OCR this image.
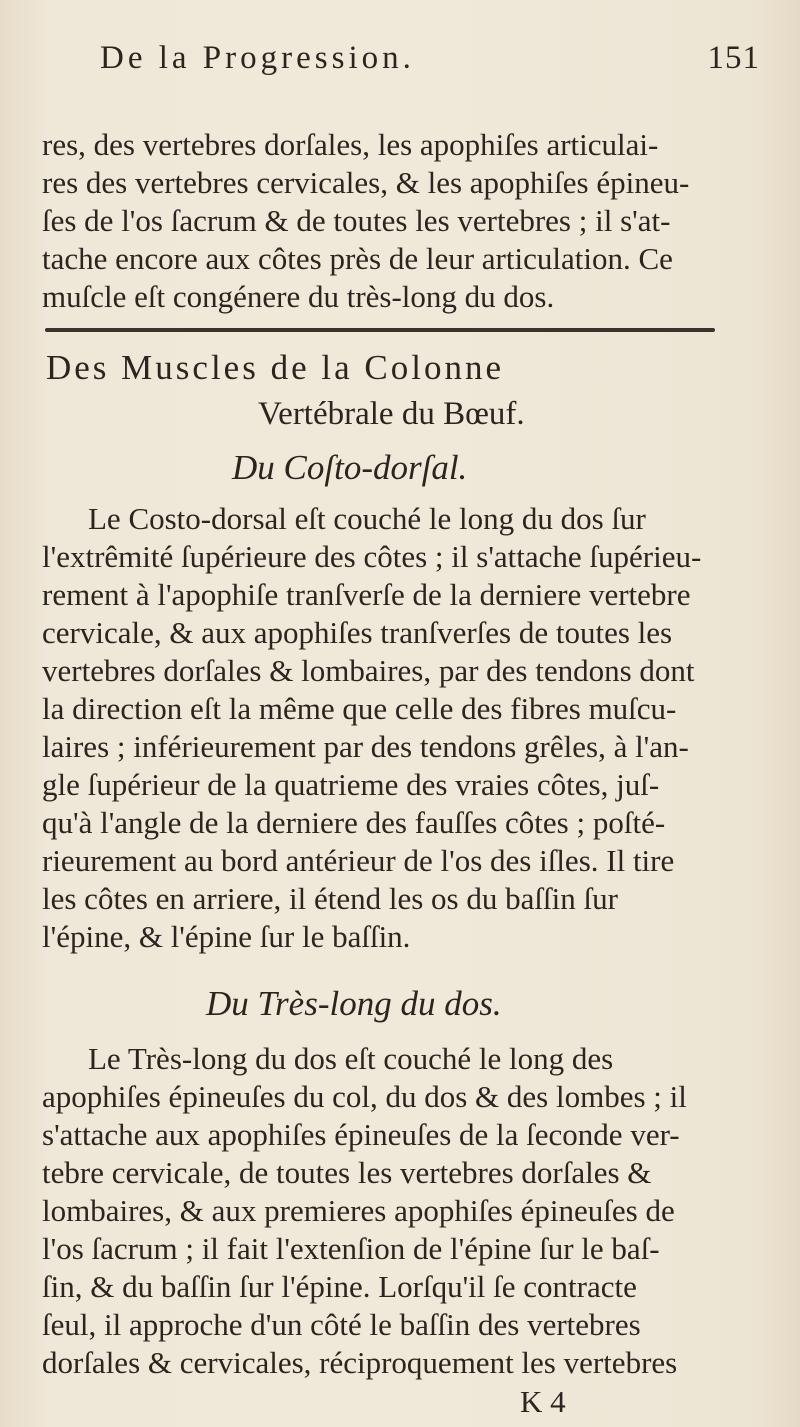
De la Progression.	151
res, des vertebres dorſales, les apophiſes articulai-
res des vertebres cervicales, & les apophiſes épineu-
ſes de l'os ſacrum & de toutes les vertebres ; il s'at-
tache encore aux côtes près de leur articulation. Ce
muſcle eſt congénere du très-long du dos.
Des Muscles de la Colonne
Vertébrale du Bœuf.
Du Coſto-dorſal.
Le Costo-dorsal eſt couché le long du dos ſur
l'extrêmité ſupérieure des côtes ; il s'attache ſupérieu-
rement à l'apophiſe tranſverſe de la derniere vertebre
cervicale, & aux apophiſes tranſverſes de toutes les
vertebres dorſales & lombaires, par des tendons dont
la direction eſt la même que celle des fibres muſcu-
laires ; inférieurement par des tendons grêles, à l'an-
gle ſupérieur de la quatrieme des vraies côtes, juſ-
qu'à l'angle de la derniere des fauſſes côtes ; poſté-
rieurement au bord antérieur de l'os des iſles. Il tire
les côtes en arriere, il étend les os du baſſin ſur
l'épine, & l'épine ſur le baſſin.
Du Très-long du dos.
Le Très-long du dos eſt couché le long des
apophiſes épineuſes du col, du dos & des lombes ; il
s'attache aux apophiſes épineuſes de la ſeconde ver-
tebre cervicale, de toutes les vertebres dorſales &
lombaires, & aux premieres apophiſes épineuſes de
l'os ſacrum ; il fait l'extenſion de l'épine ſur le baſ-
ſin, & du baſſin ſur l'épine. Lorſqu'il ſe contracte
ſeul, il approche d'un côté le baſſin des vertebres
dorſales & cervicales, réciproquement les vertebres
K 4
